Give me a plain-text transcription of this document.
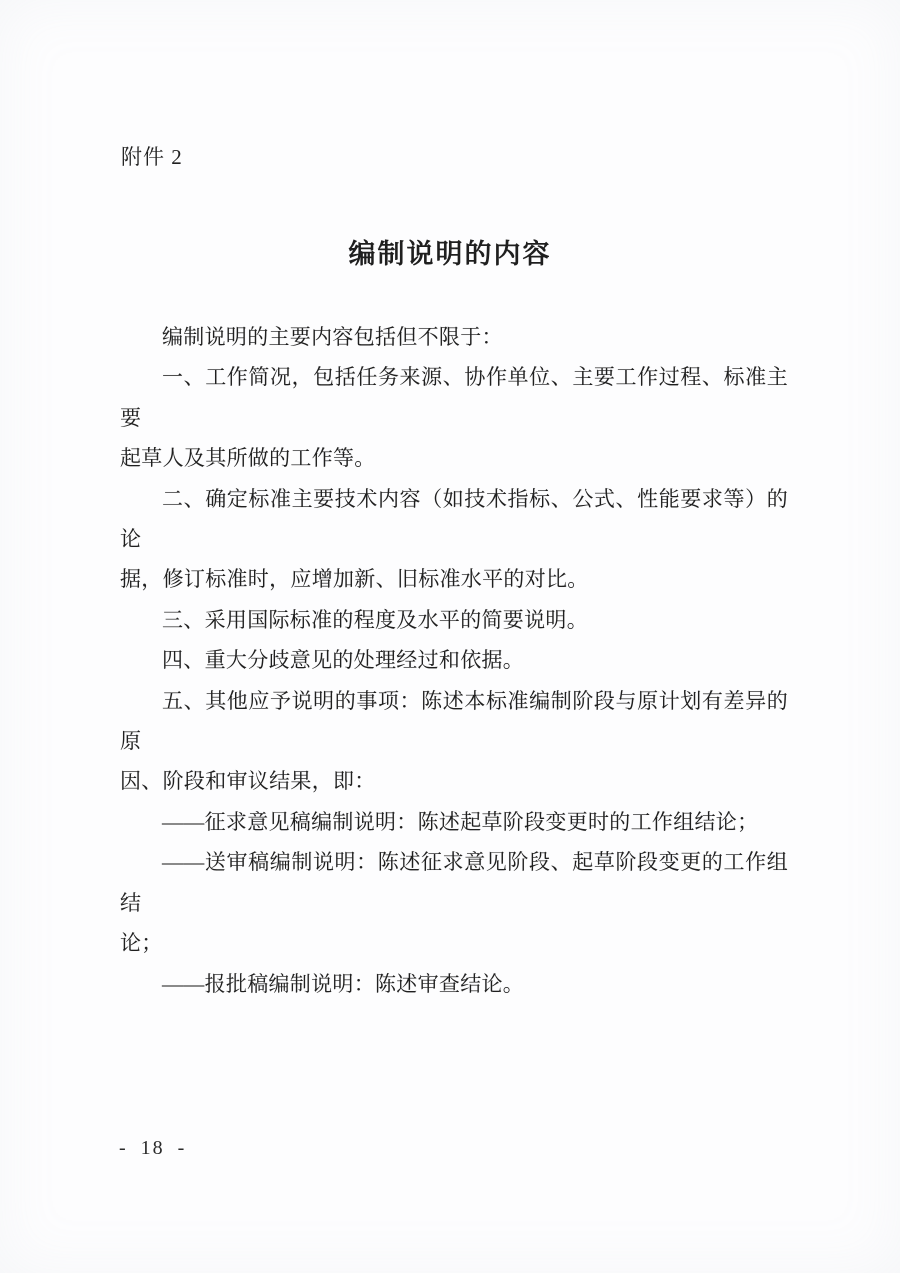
附件 2
编制说明的内容
编制说明的主要内容包括但不限于：
一、工作简况，包括任务来源、协作单位、主要工作过程、标准主要
起草人及其所做的工作等。
二、确定标准主要技术内容（如技术指标、公式、性能要求等）的论
据，修订标准时，应增加新、旧标准水平的对比。
三、采用国际标准的程度及水平的简要说明。
四、重大分歧意见的处理经过和依据。
五、其他应予说明的事项：陈述本标准编制阶段与原计划有差异的原
因、阶段和审议结果，即：
——征求意见稿编制说明：陈述起草阶段变更时的工作组结论；
——送审稿编制说明：陈述征求意见阶段、起草阶段变更的工作组结
论；
——报批稿编制说明：陈述审查结论。
- 18 -
